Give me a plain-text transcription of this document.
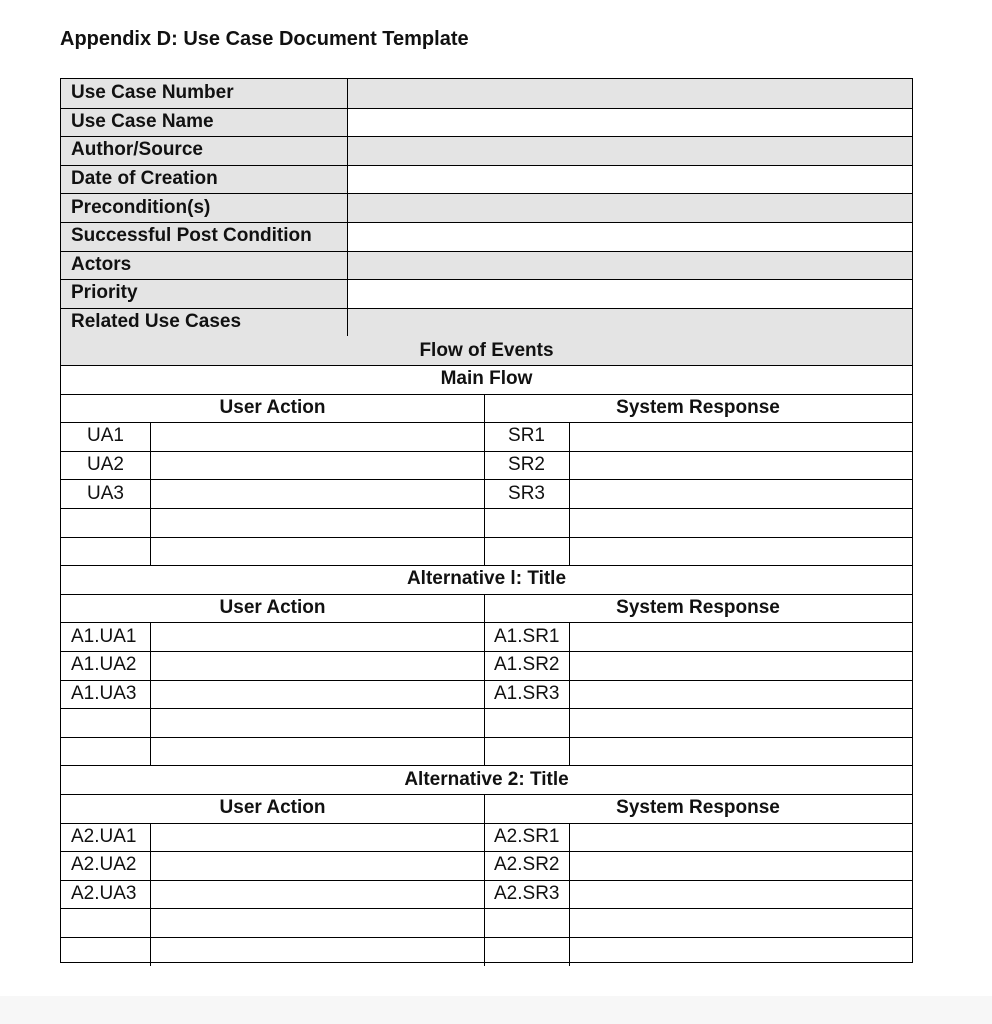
Appendix D: Use Case Document Template
Use Case Number
Use Case Name
Author/Source
Date of Creation
Precondition(s)
Successful Post Condition
Actors
Priority
Related Use Cases
Flow of Events
Main Flow
User Action	System Response
UA1	SR1
UA2	SR2
UA3	SR3
Alternative l: Title
User Action	System Response
A1.UA1	A1.SR1
A1.UA2	A1.SR2
A1.UA3	A1.SR3
Alternative 2: Title
User Action	System Response
A2.UA1	A2.SR1
A2.UA2	A2.SR2
A2.UA3	A2.SR3
